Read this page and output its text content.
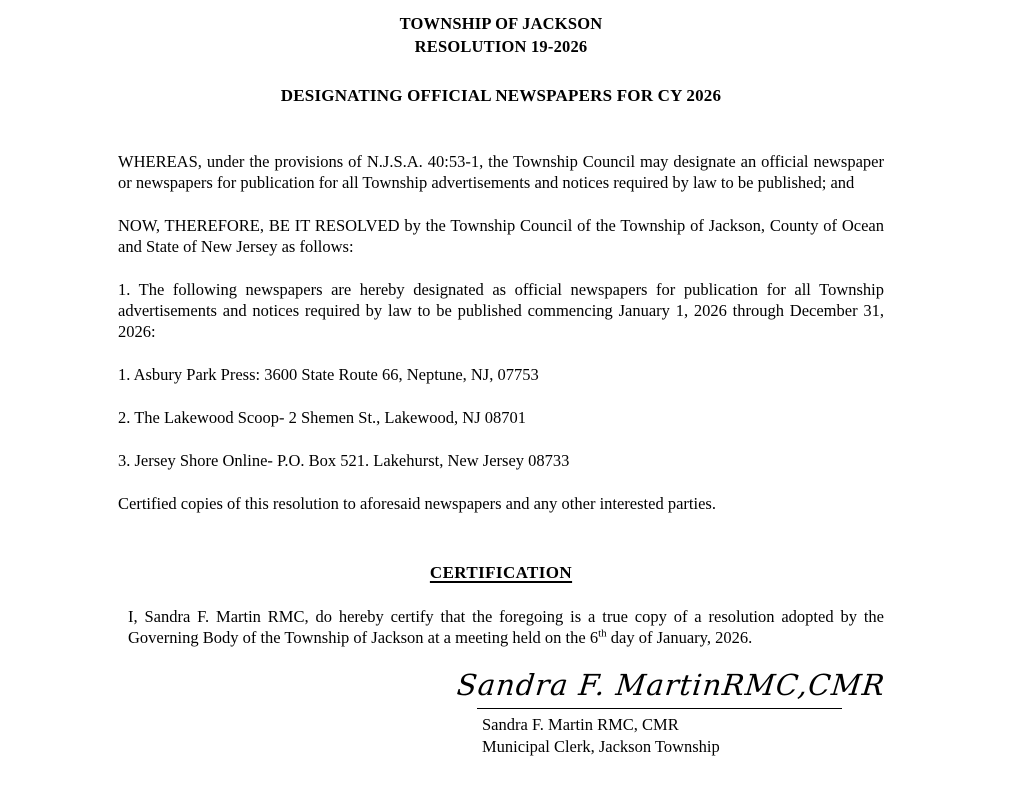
TOWNSHIP OF JACKSON
RESOLUTION 19-2026
DESIGNATING OFFICIAL NEWSPAPERS FOR CY 2026

WHEREAS, under the provisions of N.J.S.A. 40:53-1, the Township Council may designate an official newspaper or newspapers for publication for all Township advertisements and notices required by law to be published; and

NOW, THEREFORE, BE IT RESOLVED by the Township Council of the Township of Jackson, County of Ocean and State of New Jersey as follows:

1. The following newspapers are hereby designated as official newspapers for publication for all Township advertisements and notices required by law to be published commencing January 1, 2026 through December 31, 2026:

1. Asbury Park Press: 3600 State Route 66, Neptune, NJ, 07753

2. The Lakewood Scoop- 2 Shemen St., Lakewood, NJ 08701

3. Jersey Shore Online- P.O. Box 521. Lakehurst, New Jersey 08733

Certified copies of this resolution to aforesaid newspapers and any other interested parties.

CERTIFICATION

I, Sandra F. Martin RMC, do hereby certify that the foregoing is a true copy of a resolution adopted by the Governing Body of the Township of Jackson at a meeting held on the 6th day of January, 2026.

Sandra F. MartinRMC,CMR
Sandra F. Martin RMC, CMR
Municipal Clerk, Jackson Township
